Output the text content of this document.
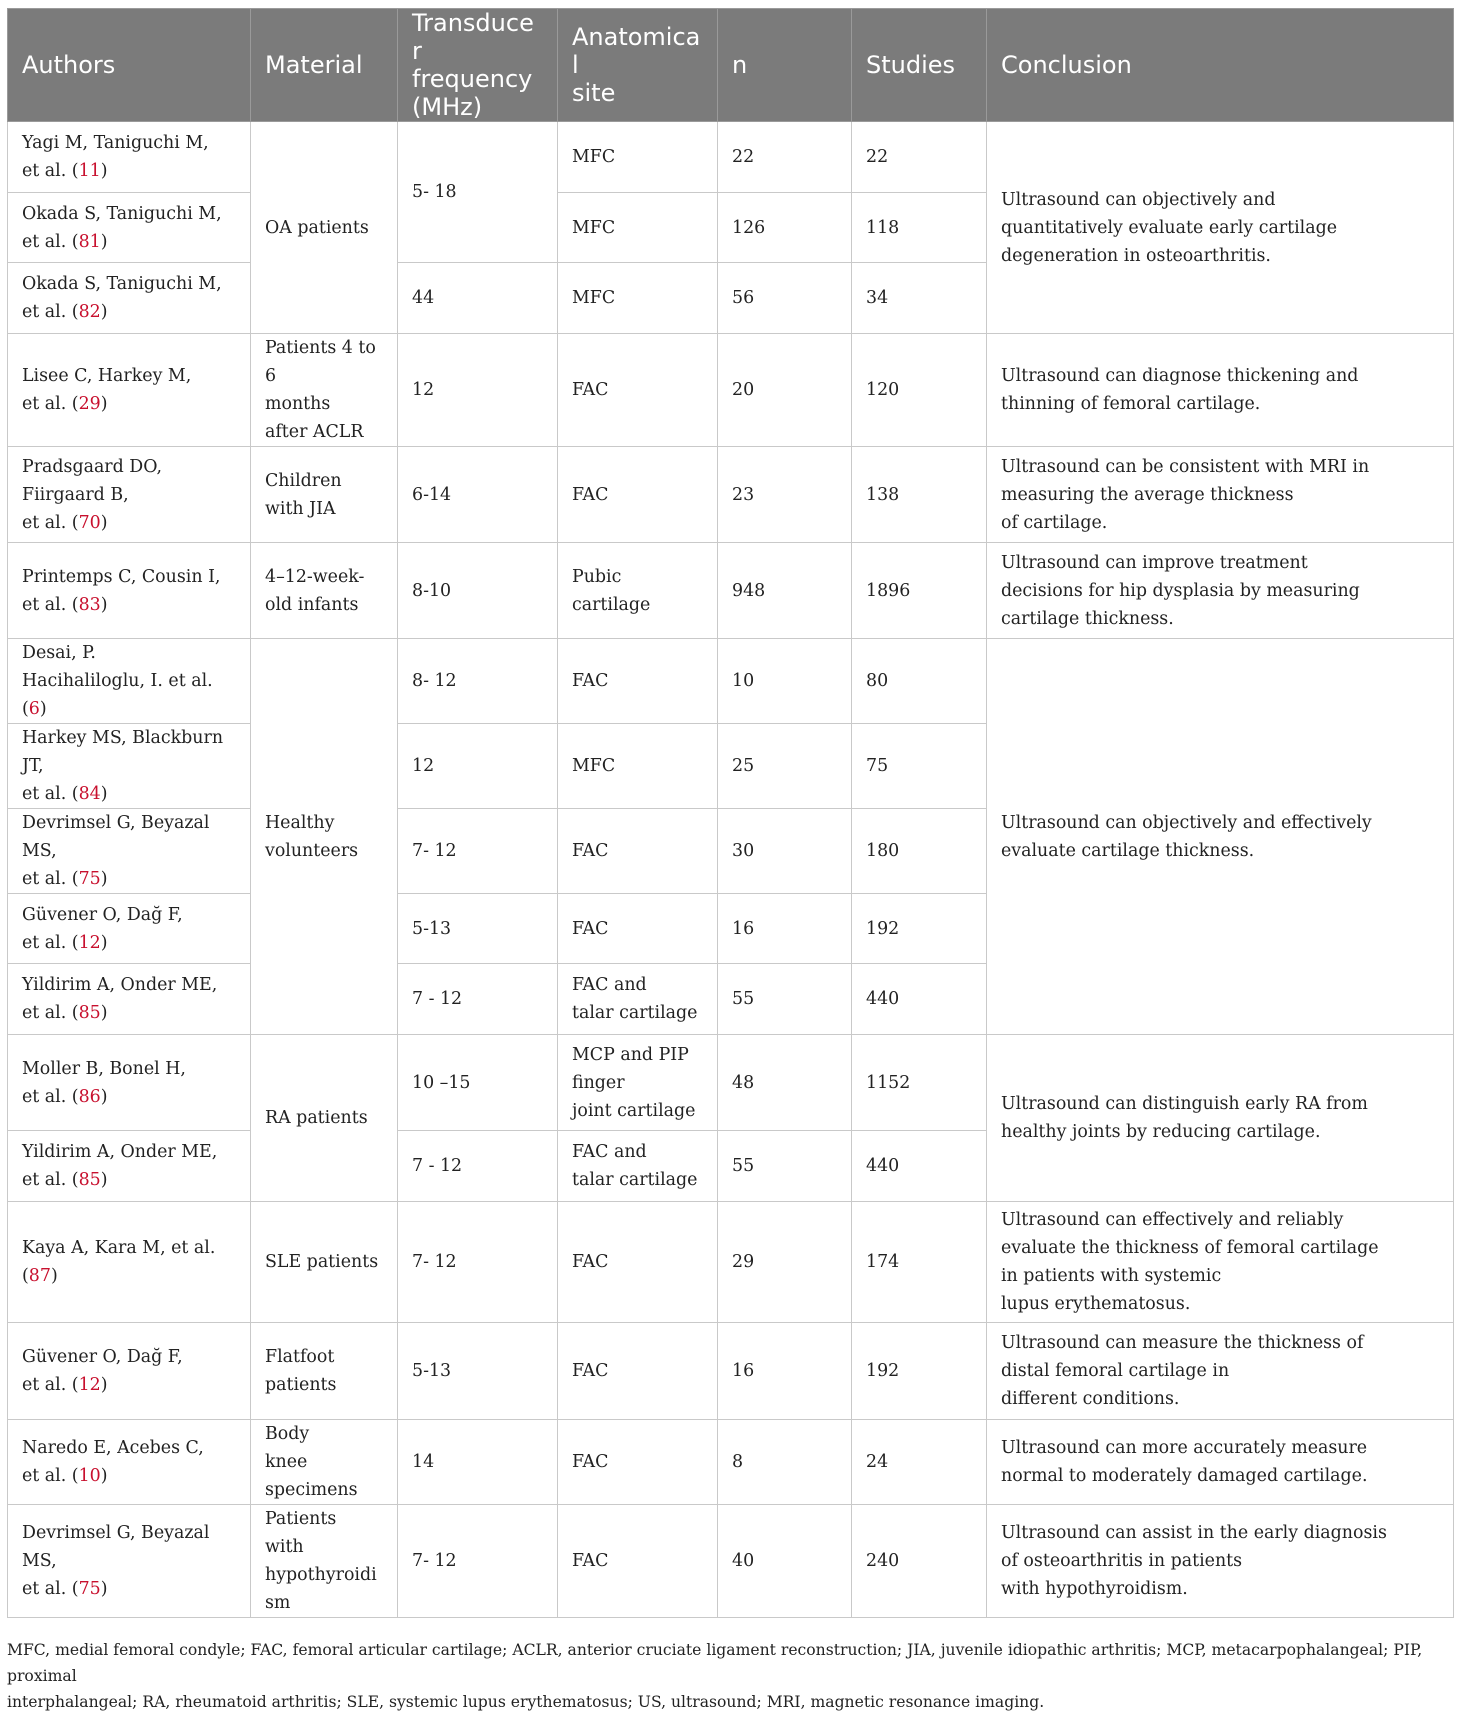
Authors	Material	Transducer
frequency
(MHz)	Anatomical
site	n	Studies	Conclusion

Yagi M, Taniguchi M,
et al. (11)	OA patients	5- 18	MFC	22	22	Ultrasound can objectively and
quantitatively evaluate early cartilage
degeneration in osteoarthritis.

Okada S, Taniguchi M,
et al. (81)			MFC	126	118	

Okada S, Taniguchi M,
et al. (82)		44	MFC	56	34	

Lisee C, Harkey M,
et al. (29)	Patients 4 to 6
months
after ACLR	12	FAC	20	120	Ultrasound can diagnose thickening and
thinning of femoral cartilage.

Pradsgaard DO, Fiirgaard B,
et al. (70)	Children
with JIA	6-14	FAC	23	138	Ultrasound can be consistent with MRI in
measuring the average thickness
of cartilage.

Printemps C, Cousin I,
et al. (83)	4–12-week-
old infants	8-10	Pubic cartilage	948	1896	Ultrasound can improve treatment
decisions for hip dysplasia by measuring
cartilage thickness.

Desai, P.
Hacihaliloglu, I. et al. (6)	Healthy
volunteers	8- 12	FAC	10	80	Ultrasound can objectively and effectively
evaluate cartilage thickness.

Harkey MS, Blackburn JT,
et al. (84)		12	MFC	25	75	

Devrimsel G, Beyazal MS,
et al. (75)		7- 12	FAC	30	180	

Güvener O, Dağ F,
et al. (12)		5-13	FAC	16	192	

Yildirim A, Onder ME,
et al. (85)		7 - 12	FAC and
talar cartilage	55	440	

Moller B, Bonel H,
et al. (86)	RA patients	10 –15	MCP and PIP
finger
joint cartilage	48	1152	Ultrasound can distinguish early RA from
healthy joints by reducing cartilage.

Yildirim A, Onder ME,
et al. (85)		7 - 12	FAC and
talar cartilage	55	440	

Kaya A, Kara M, et al. (87)	SLE patients	7- 12	FAC	29	174	Ultrasound can effectively and reliably
evaluate the thickness of femoral cartilage
in patients with systemic
lupus erythematosus.

Güvener O, Dağ F,
et al. (12)	Flatfoot
patients	5-13	FAC	16	192	Ultrasound can measure the thickness of
distal femoral cartilage in
different conditions.

Naredo E, Acebes C,
et al. (10)	Body
knee specimens	14	FAC	8	24	Ultrasound can more accurately measure
normal to moderately damaged cartilage.

Devrimsel G, Beyazal MS,
et al. (75)	Patients
with
hypothyroidism	7- 12	FAC	40	240	Ultrasound can assist in the early diagnosis
of osteoarthritis in patients
with hypothyroidism.
MFC, medial femoral condyle; FAC, femoral articular cartilage; ACLR, anterior cruciate ligament reconstruction; JIA, juvenile idiopathic arthritis; MCP, metacarpophalangeal; PIP, proximal
interphalangeal; RA, rheumatoid arthritis; SLE, systemic lupus erythematosus; US, ultrasound; MRI, magnetic resonance imaging.
